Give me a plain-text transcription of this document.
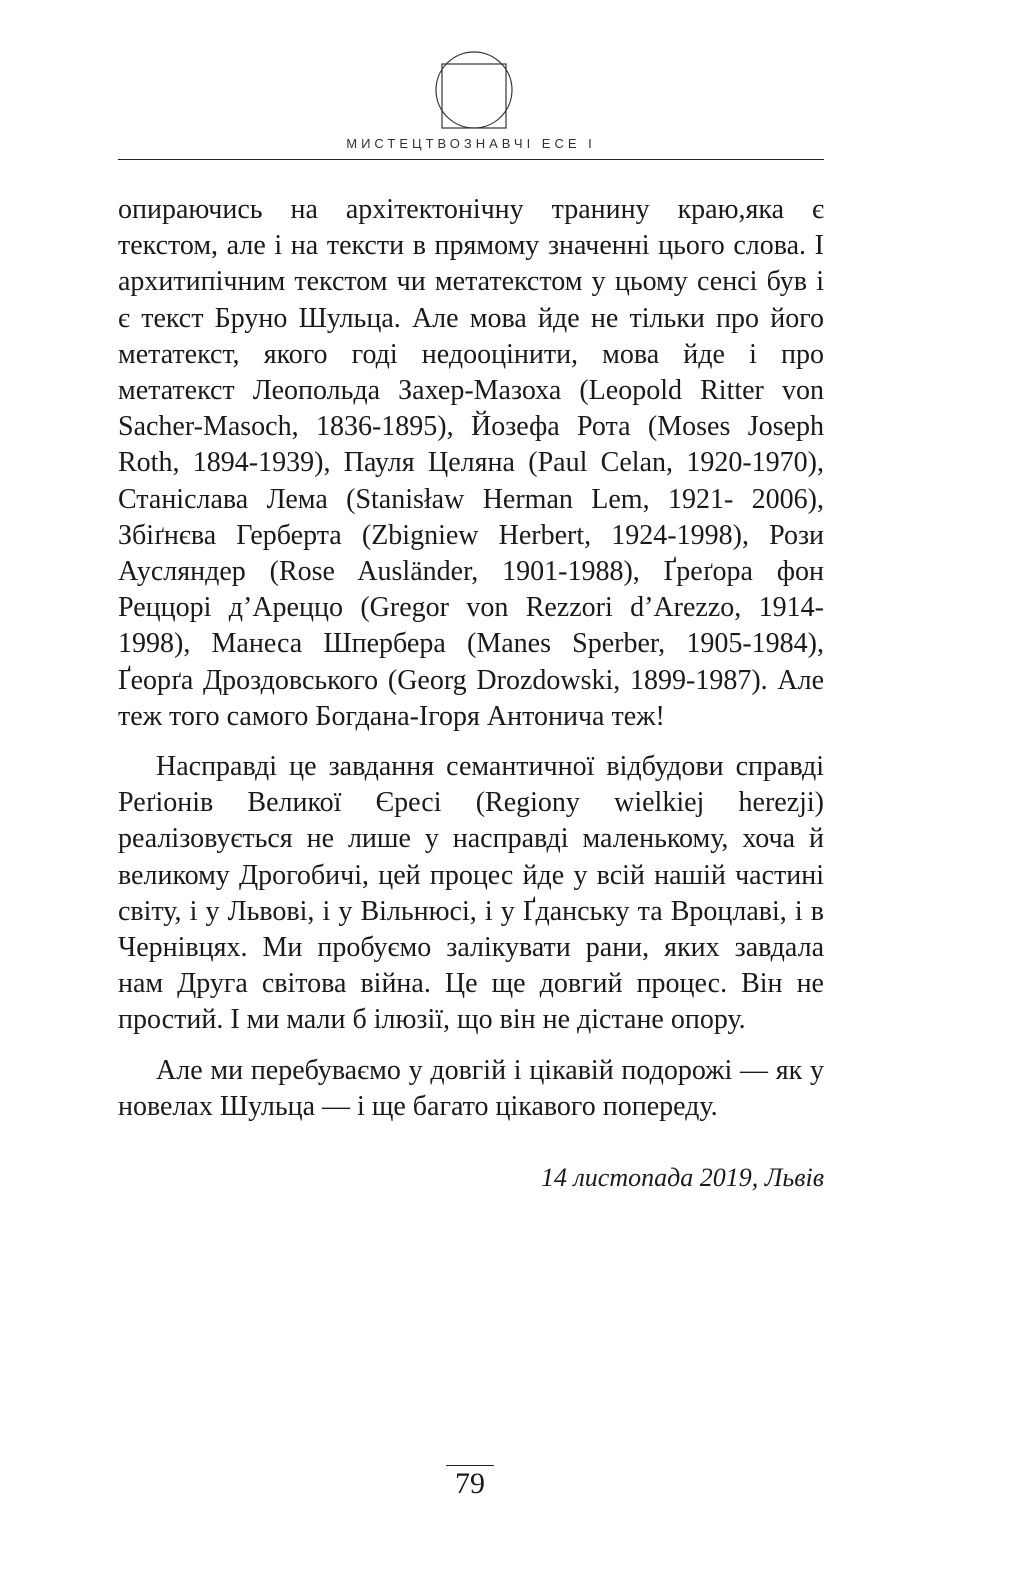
МИСТЕЦТВОЗНАВЧІ ЕСЕ І

опираючись на архітектонічну транину краю,яка є текстом, але і на тексти в прямому значенні цього слова. І архитипічним текстом чи метатекстом у цьому сенсі був і є текст Бруно Шульца. Але мова йде не тільки про його метатекст, якого годі недооцінити, мова йде і про метатекст Леопольда Захер-Мазоха (Leopold Ritter von Sacher-Masoch, 1836-1895), Йозефа Рота (Moses Joseph Roth, 1894-1939), Пауля Целяна (Paul Celan, 1920-1970), Станіслава Лема (Stanisław Herman Lem, 1921- 2006), Збіґнєва Герберта (Zbigniew Herbert, 1924-1998), Рози Аусляндер (Rose Ausländer, 1901-1988), Ґреґора фон Реццорі д’Ареццо (Gregor von Rezzori d’Arezzo, 1914-1998), Манеса Шпербера (Manes Sperber, 1905-1984), Ґеорґа Дроздовського (Georg Drozdowski, 1899-1987). Але теж того самого Богдана-Ігоря Антонича теж!

Насправді це завдання семантичної відбудови справді Реґіонів Великої Єресі (Regiony wielkiej herezji) реалізовується не лише у насправді маленькому, хоча й великому Дрогобичі, цей процес йде у всій нашій частині світу, і у Львові, і у Вільнюсі, і у Ґданську та Вроцлаві, і в Чернівцях. Ми пробуємо залікувати рани, яких завдала нам Друга світова війна. Це ще довгий процес. Він не простий. І ми мали б ілюзії, що він не дістане опору.

Але ми перебуваємо у довгій і цікавій подорожі — як у новелах Шульца — і ще багато цікавого попереду.

14 листопада 2019, Львів
79
